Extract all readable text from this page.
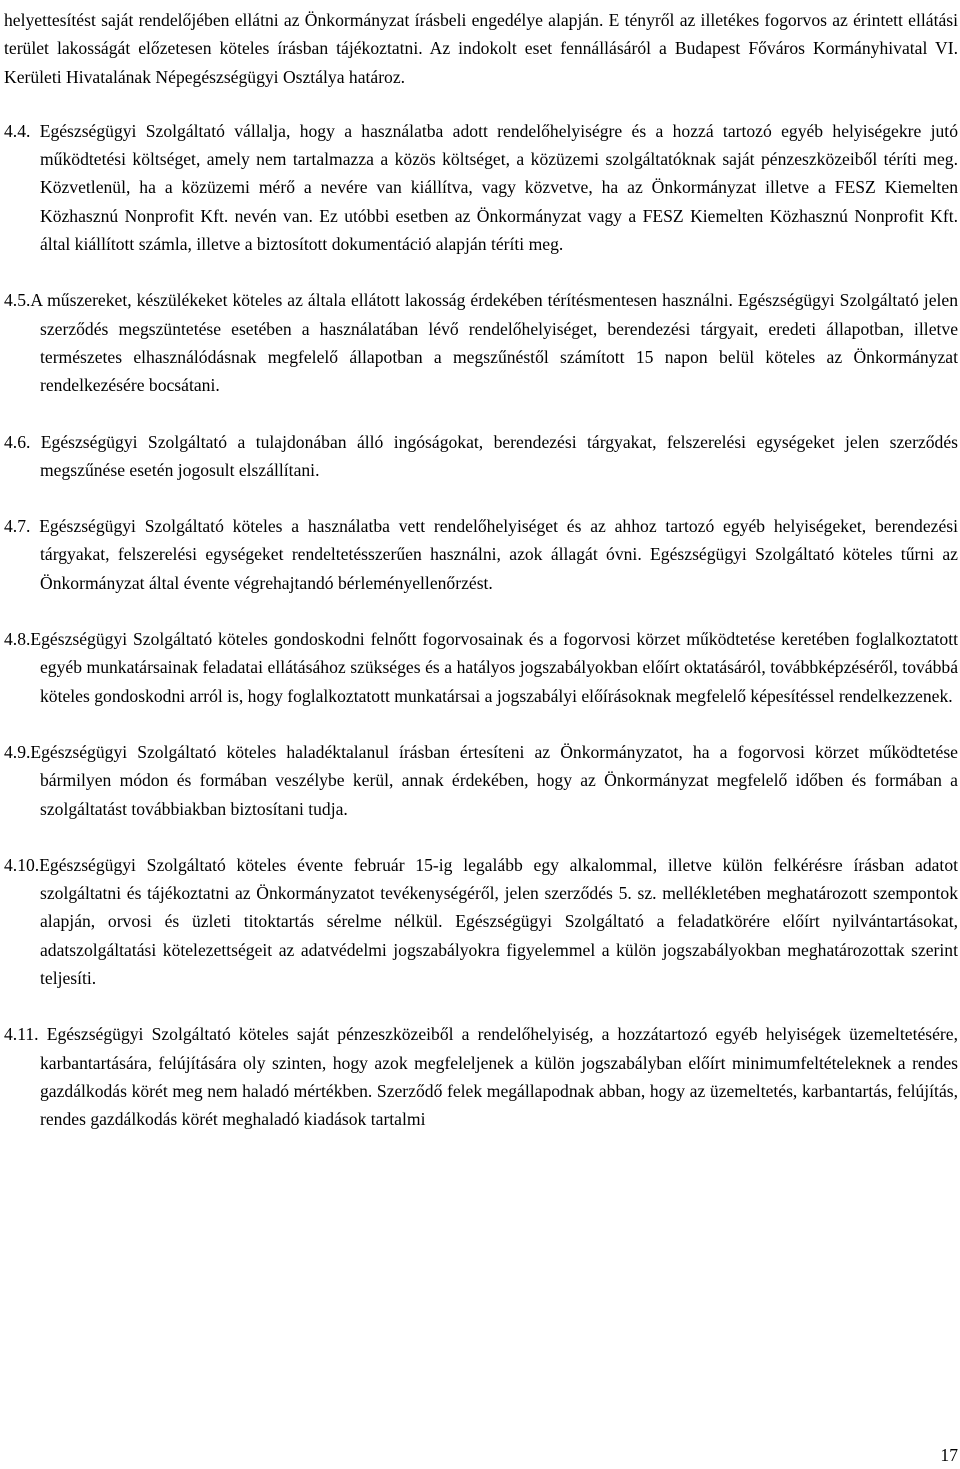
helyettesítést saját rendelőjében ellátni az Önkormányzat írásbeli engedélye alapján. E tényről az illetékes fogorvos az érintett ellátási terület lakosságát előzetesen köteles írásban tájékoztatni. Az indokolt eset fennállásáról a Budapest Főváros Kormányhivatal VI. Kerületi Hivatalának Népegészségügyi Osztálya határoz.

4.4. Egészségügyi Szolgáltató vállalja, hogy a használatba adott rendelőhelyiségre és a hozzá tartozó egyéb helyiségekre jutó működtetési költséget, amely nem tartalmazza a közös költséget, a közüzemi szolgáltatóknak saját pénzeszközeiből téríti meg. Közvetlenül, ha a közüzemi mérő a nevére van kiállítva, vagy közvetve, ha az Önkormányzat illetve a FESZ Kiemelten Közhasznú Nonprofit Kft. nevén van. Ez utóbbi esetben az Önkormányzat vagy a FESZ Kiemelten Közhasznú Nonprofit Kft. által kiállított számla, illetve a biztosított dokumentáció alapján téríti meg.

4.5.A műszereket, készülékeket köteles az általa ellátott lakosság érdekében térítésmentesen használni. Egészségügyi Szolgáltató jelen szerződés megszüntetése esetében a használatában lévő rendelőhelyiséget, berendezési tárgyait, eredeti állapotban, illetve természetes elhasználódásnak megfelelő állapotban a megszűnéstől számított 15 napon belül köteles az Önkormányzat rendelkezésére bocsátani.

4.6. Egészségügyi Szolgáltató a tulajdonában álló ingóságokat, berendezési tárgyakat, felszerelési egységeket jelen szerződés megszűnése esetén jogosult elszállítani.

4.7. Egészségügyi Szolgáltató köteles a használatba vett rendelőhelyiséget és az ahhoz tartozó egyéb helyiségeket, berendezési tárgyakat, felszerelési egységeket rendeltetésszerűen használni, azok állagát óvni. Egészségügyi Szolgáltató köteles tűrni az Önkormányzat által évente végrehajtandó bérleményellenőrzést.

4.8.Egészségügyi Szolgáltató köteles gondoskodni felnőtt fogorvosainak és a fogorvosi körzet működtetése keretében foglalkoztatott egyéb munkatársainak feladatai ellátásához szükséges és a hatályos jogszabályokban előírt oktatásáról, továbbképzéséről, továbbá köteles gondoskodni arról is, hogy foglalkoztatott munkatársai a jogszabályi előírásoknak megfelelő képesítéssel rendelkezzenek.

4.9.Egészségügyi Szolgáltató köteles haladéktalanul írásban értesíteni az Önkormányzatot, ha a fogorvosi körzet működtetése bármilyen módon és formában veszélybe kerül, annak érdekében, hogy az Önkormányzat megfelelő időben és formában a szolgáltatást továbbiakban biztosítani tudja.

4.10.Egészségügyi Szolgáltató köteles évente február 15-ig legalább egy alkalommal, illetve külön felkérésre írásban adatot szolgáltatni és tájékoztatni az Önkormányzatot tevékenységéről, jelen szerződés 5. sz. mellékletében meghatározott szempontok alapján, orvosi és üzleti titoktartás sérelme nélkül. Egészségügyi Szolgáltató a feladatkörére előírt nyilvántartásokat, adatszolgáltatási kötelezettségeit az adatvédelmi jogszabályokra figyelemmel a külön jogszabályokban meghatározottak szerint teljesíti.

4.11. Egészségügyi Szolgáltató köteles saját pénzeszközeiből a rendelőhelyiség, a hozzátartozó egyéb helyiségek üzemeltetésére, karbantartására, felújítására oly szinten, hogy azok megfeleljenek a külön jogszabályban előírt minimumfeltételeknek a rendes gazdálkodás körét meg nem haladó mértékben. Szerződő felek megállapodnak abban, hogy az üzemeltetés, karbantartás, felújítás, rendes gazdálkodás körét meghaladó kiadások tartalmi

17
